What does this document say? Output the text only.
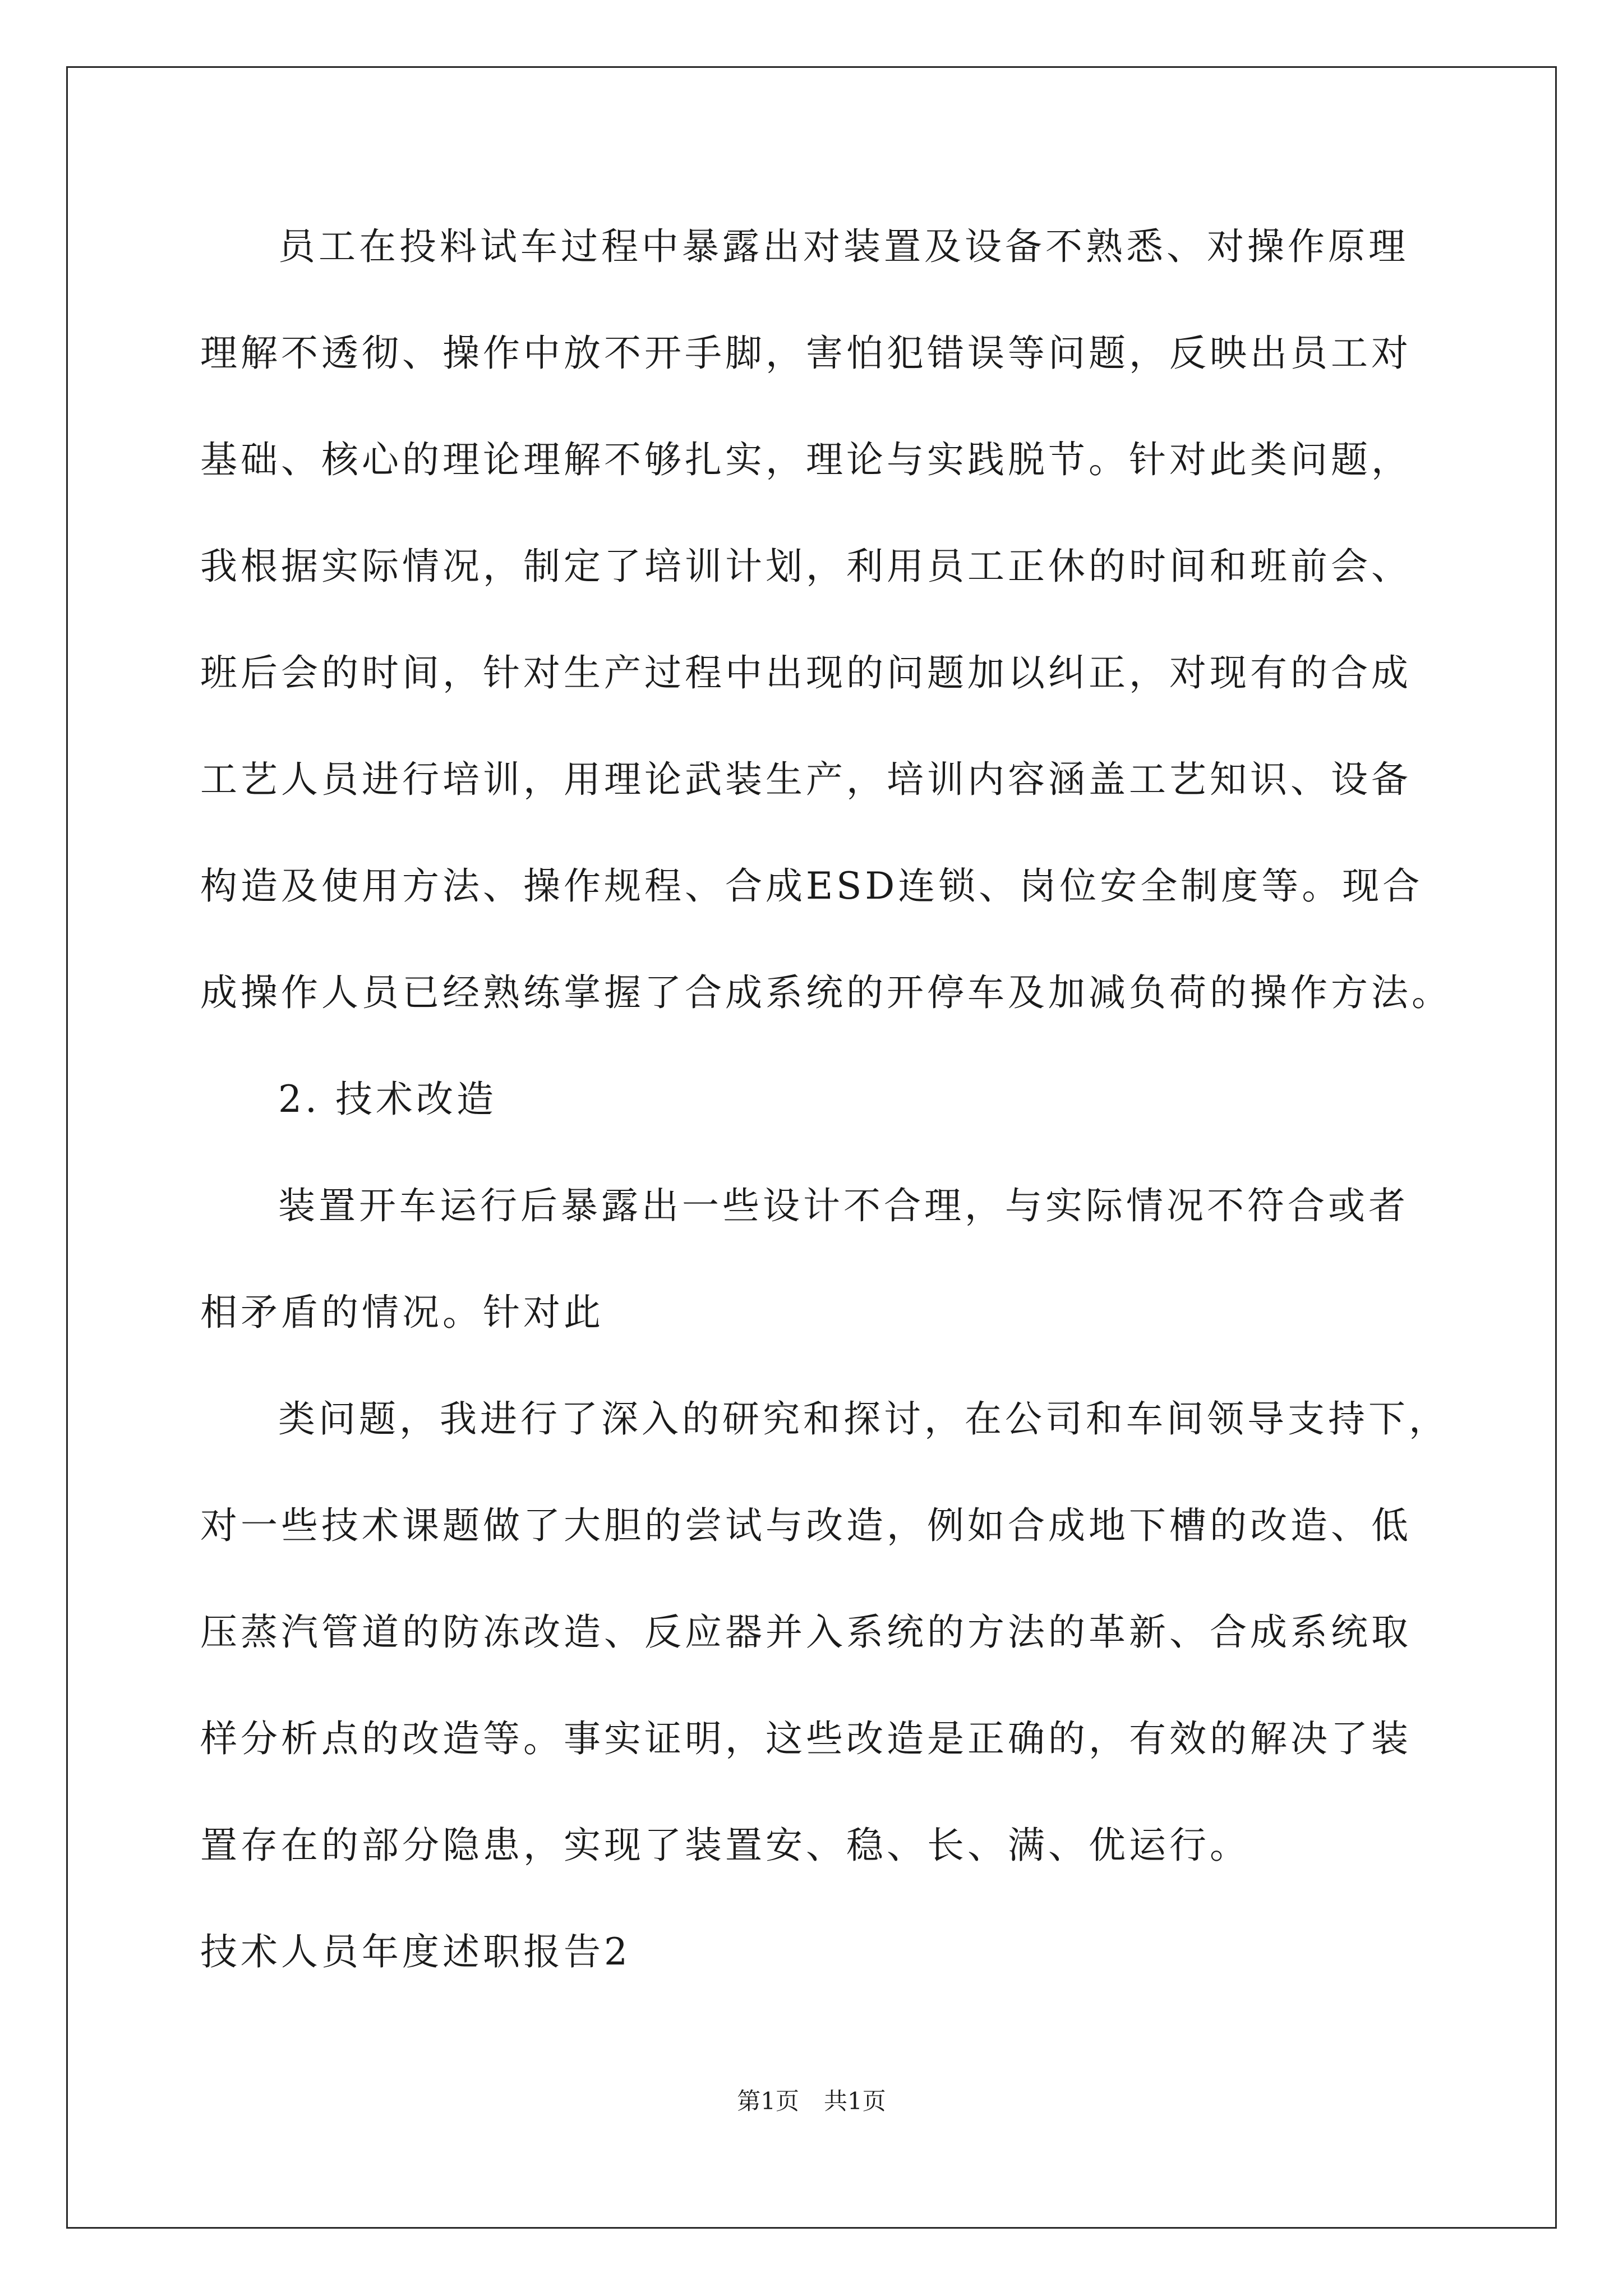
员工在投料试车过程中暴露出对装置及设备不熟悉、对操作原理

理解不透彻、操作中放不开手脚，害怕犯错误等问题，反映出员工对

基础、核心的理论理解不够扎实，理论与实践脱节。针对此类问题，

我根据实际情况，制定了培训计划，利用员工正休的时间和班前会、

班后会的时间，针对生产过程中出现的问题加以纠正，对现有的合成

工艺人员进行培训，用理论武装生产，培训内容涵盖工艺知识、设备

构造及使用方法、操作规程、合成ESD连锁、岗位安全制度等。现合

成操作人员已经熟练掌握了合成系统的开停车及加减负荷的操作方法。

2. 技术改造

装置开车运行后暴露出一些设计不合理，与实际情况不符合或者

相矛盾的情况。针对此

类问题，我进行了深入的研究和探讨，在公司和车间领导支持下，

对一些技术课题做了大胆的尝试与改造，例如合成地下槽的改造、低

压蒸汽管道的防冻改造、反应器并入系统的方法的革新、合成系统取

样分析点的改造等。事实证明，这些改造是正确的，有效的解决了装

置存在的部分隐患，实现了装置安、稳、长、满、优运行。

技术人员年度述职报告2

第1页 共1页
